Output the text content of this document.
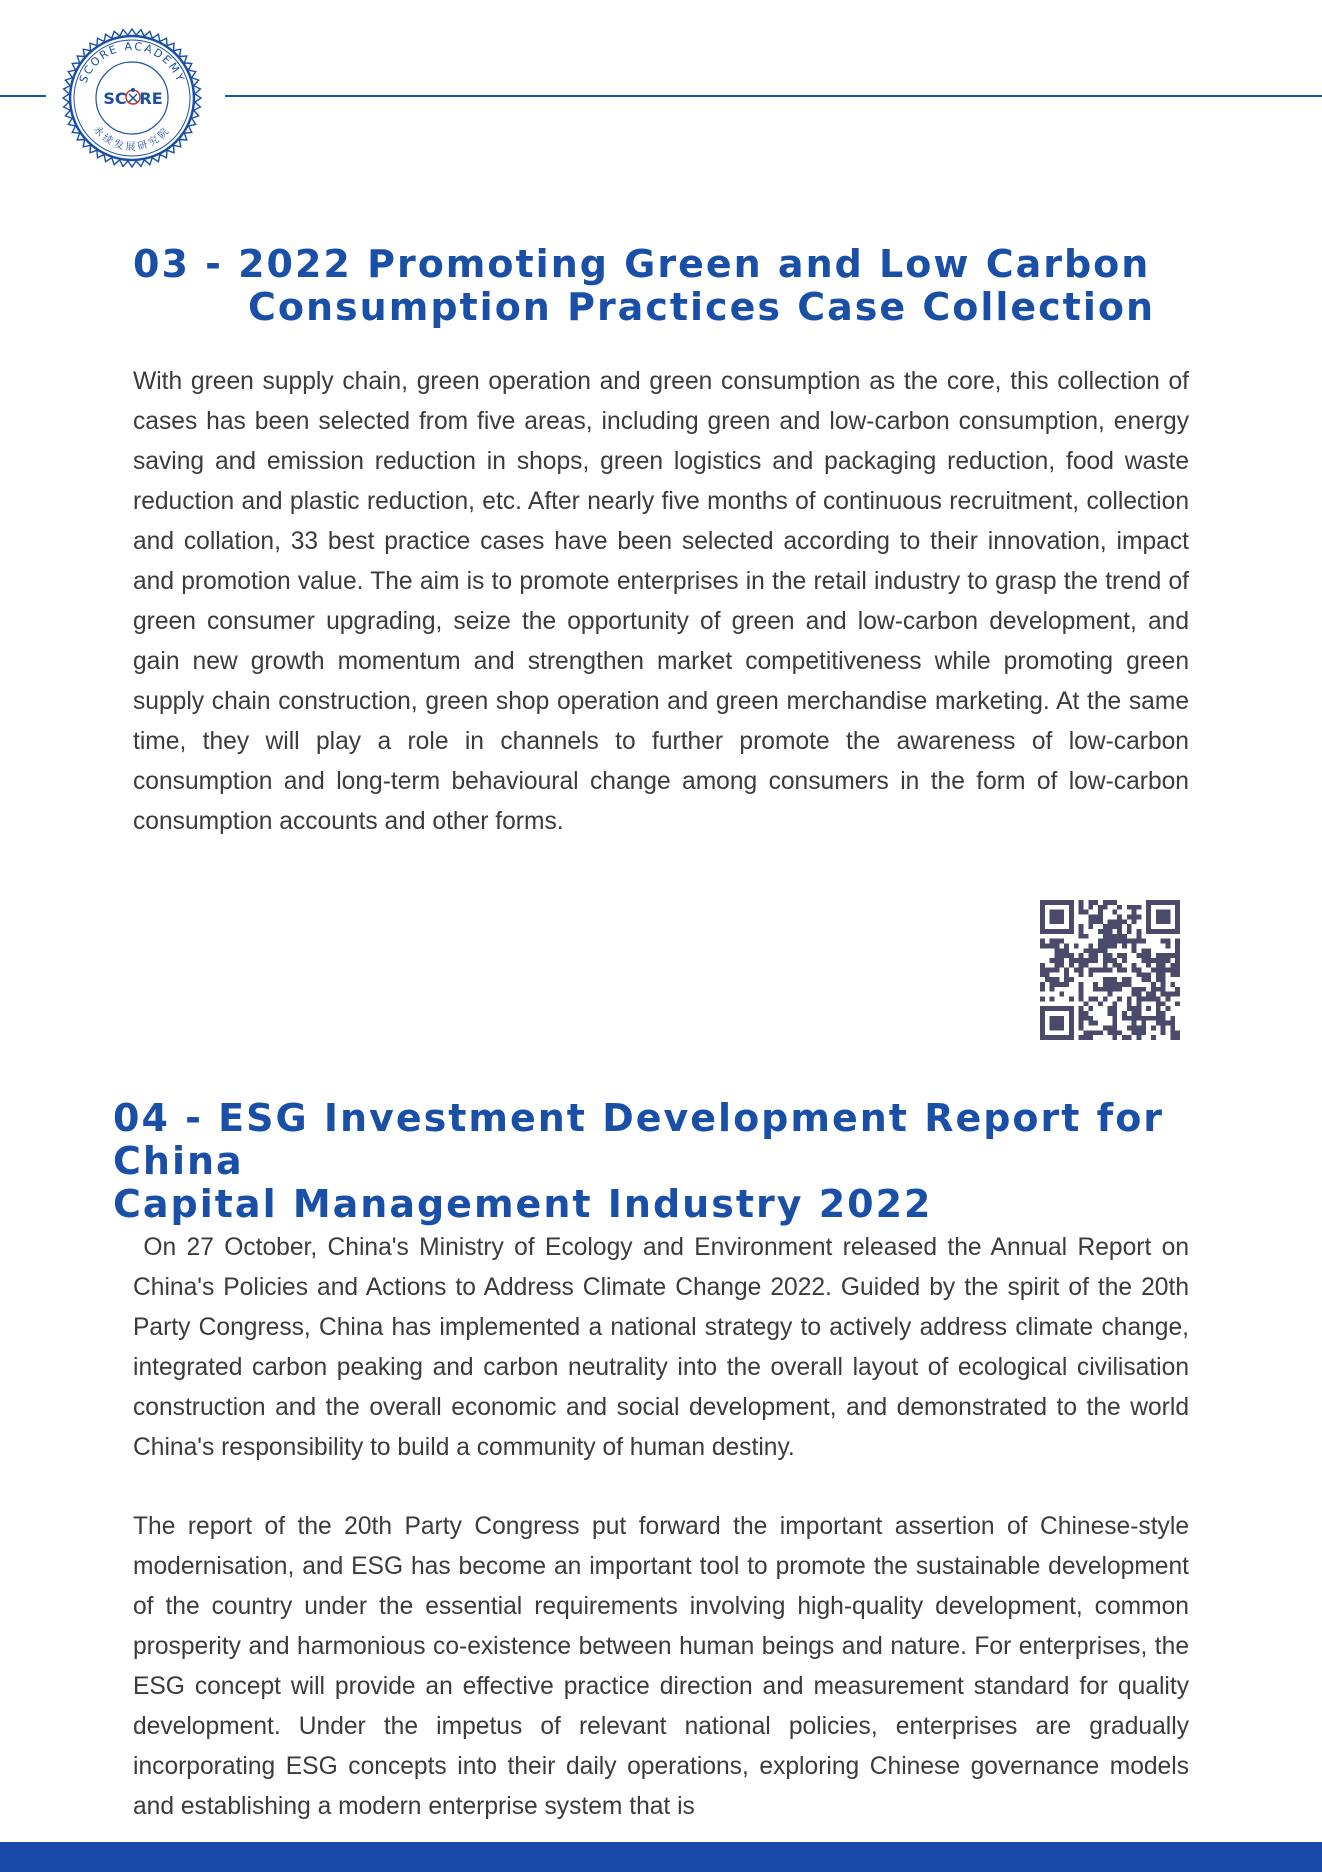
SCORE ACADEMY
永续发展研究院
SC RE
03 - 2022 Promoting Green and Low Carbon
Consumption Practices Case Collection

With green supply chain, green operation and green consumption as the core, this collection of cases has been selected from five areas, including green and low-carbon consumption, energy saving and emission reduction in shops, green logistics and packaging reduction, food waste reduction and plastic reduction, etc. After nearly five months of continuous recruitment, collection and collation, 33 best practice cases have been selected according to their innovation, impact and promotion value. The aim is to promote enterprises in the retail industry to grasp the trend of green consumer upgrading, seize the opportunity of green and low-carbon development, and gain new growth momentum and strengthen market competitiveness while promoting green supply chain construction, green shop operation and green merchandise marketing. At the same time, they will play a role in channels to further promote the awareness of low-carbon consumption and long-term behavioural change among consumers in the form of low-carbon consumption accounts and other forms.

04 - ESG Investment Development Report for China
Capital Management Industry 2022

On 27 October, China's Ministry of Ecology and Environment released the Annual Report on China's Policies and Actions to Address Climate Change 2022. Guided by the spirit of the 20th Party Congress, China has implemented a national strategy to actively address climate change, integrated carbon peaking and carbon neutrality into the overall layout of ecological civilisation construction and the overall economic and social development, and demonstrated to the world China's responsibility to build a community of human destiny.

The report of the 20th Party Congress put forward the important assertion of Chinese-style modernisation, and ESG has become an important tool to promote the sustainable development of the country under the essential requirements involving high-quality development, common prosperity and harmonious co-existence between human beings and nature. For enterprises, the ESG concept will provide an effective practice direction and measurement standard for quality development. Under the impetus of relevant national policies, enterprises are gradually incorporating ESG concepts into their daily operations, exploring Chinese governance models and establishing a modern enterprise system that is
